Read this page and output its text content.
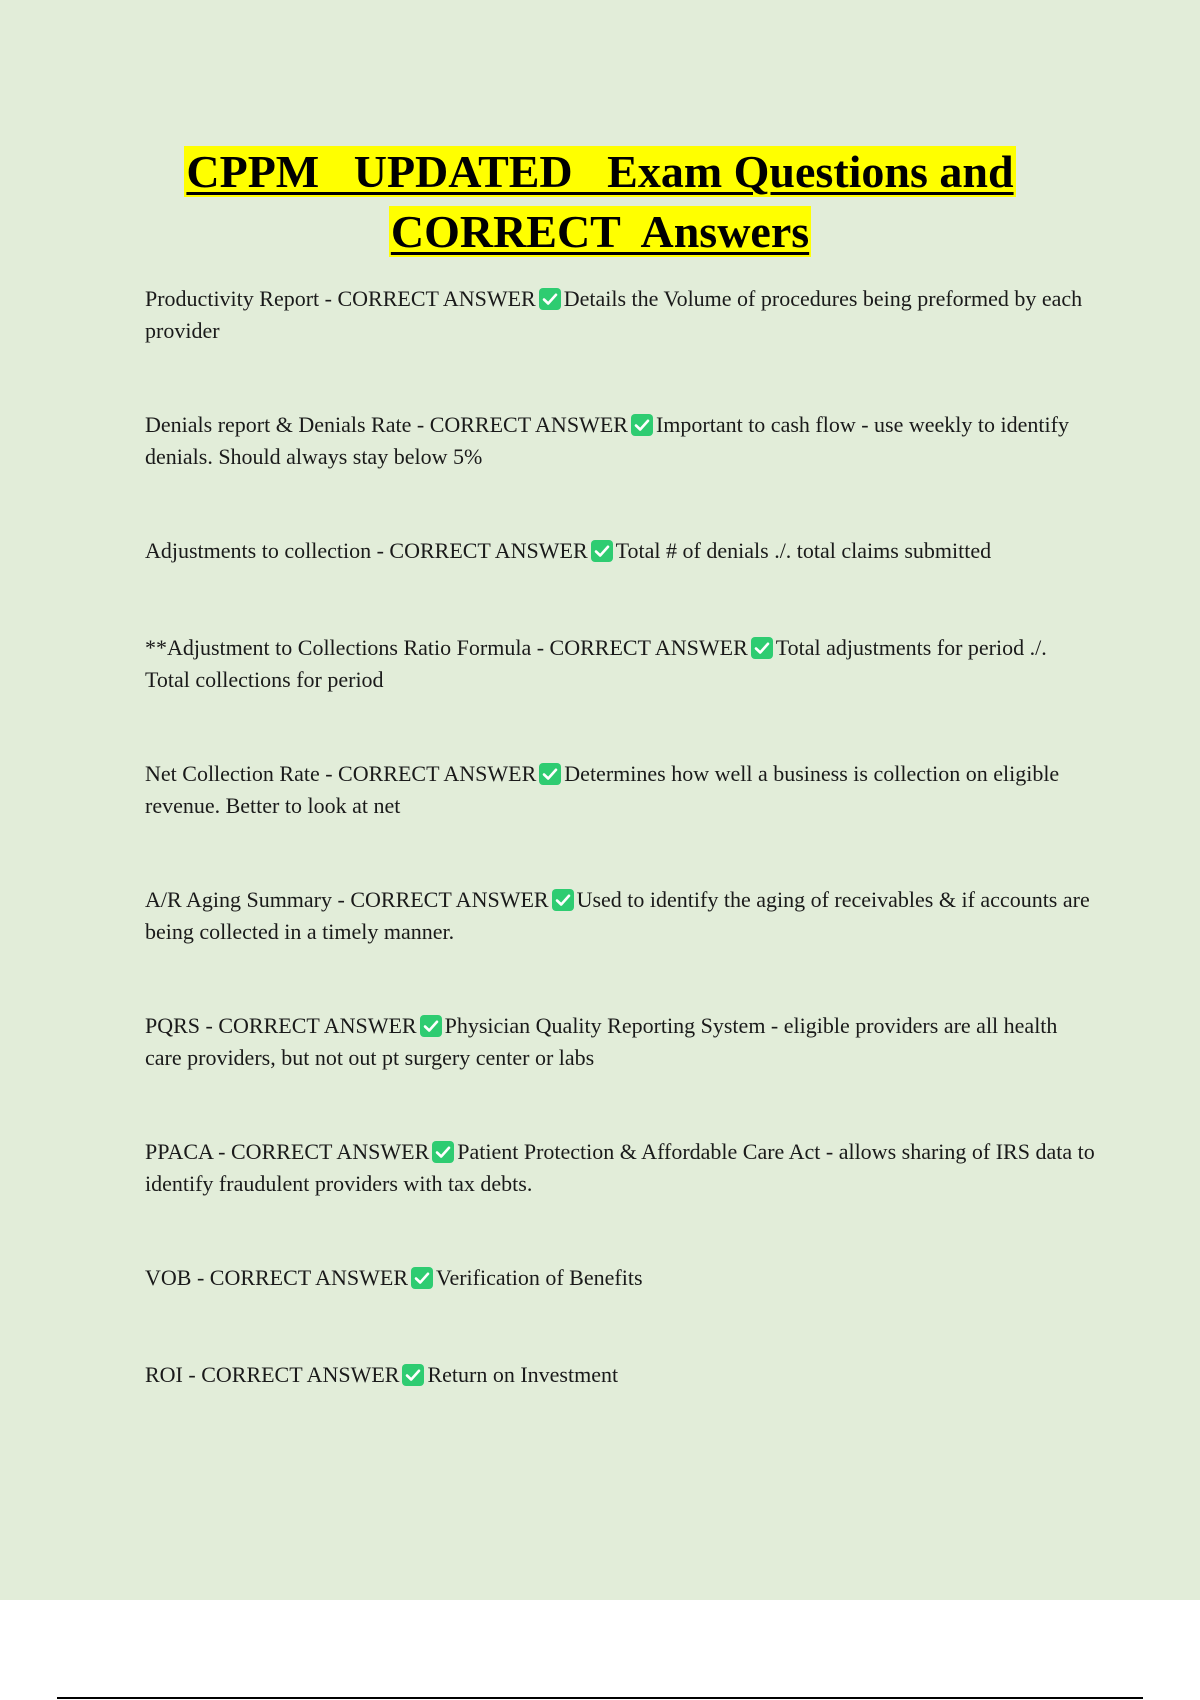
CPPM   UPDATED   Exam Questions and
CORRECT  Answers
Productivity Report - CORRECT ANSWER Details the Volume of procedures being preformed by each provider
Denials report & Denials Rate - CORRECT ANSWER Important to cash flow - use weekly to identify denials. Should always stay below 5%
Adjustments to collection - CORRECT ANSWER Total # of denials ./. total claims submitted
**Adjustment to Collections Ratio Formula - CORRECT ANSWER Total adjustments for period ./. Total collections for period
Net Collection Rate - CORRECT ANSWER Determines how well a business is collection on eligible revenue. Better to look at net
A/R Aging Summary - CORRECT ANSWER Used to identify the aging of receivables & if accounts are being collected in a timely manner.
PQRS - CORRECT ANSWER Physician Quality Reporting System - eligible providers are all health care providers, but not out pt surgery center or labs
PPACA - CORRECT ANSWER Patient Protection & Affordable Care Act - allows sharing of IRS data to identify fraudulent providers with tax debts.
VOB - CORRECT ANSWER Verification of Benefits
ROI - CORRECT ANSWER Return on Investment
